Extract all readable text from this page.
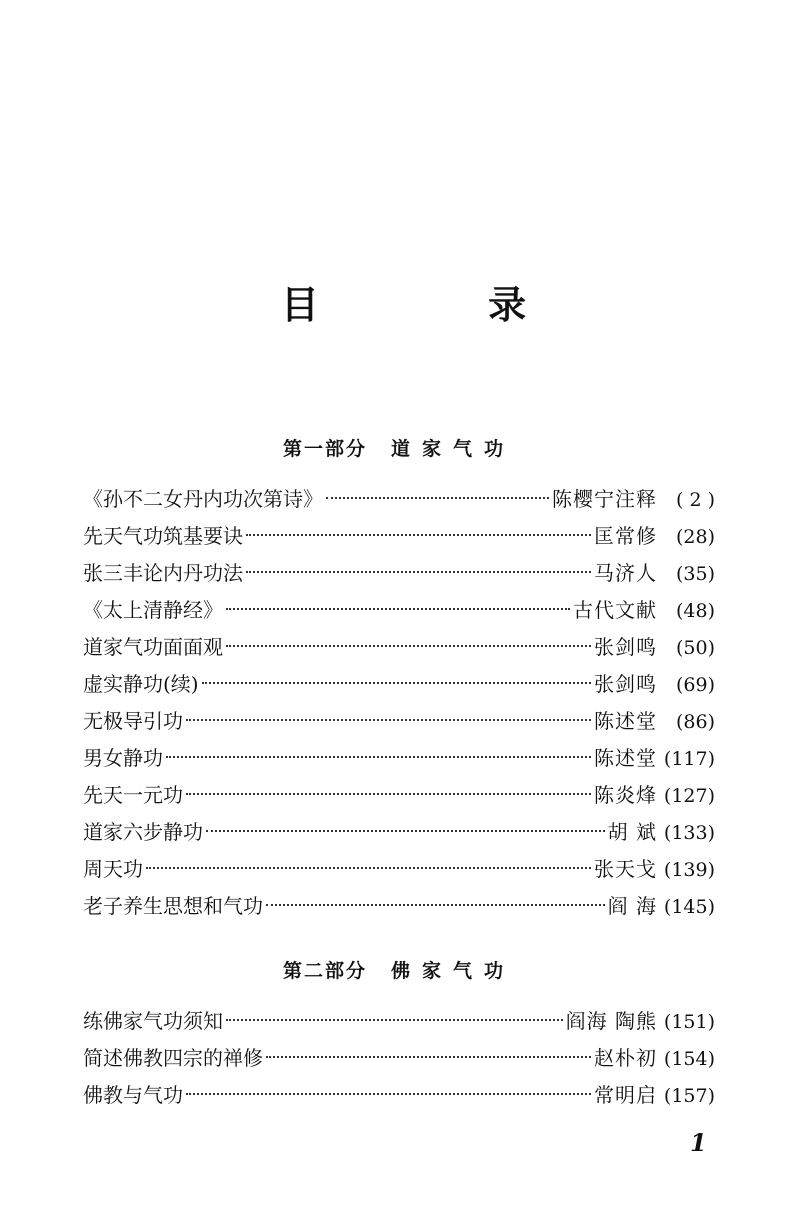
目 录
第一部分 道家气功
《孙不二女丹内功次第诗》	陈樱宁注释	( 2 )
先天气功筑基要诀	匡常修 (28)
张三丰论内丹功法	马济人 (35)
《太上清静经》	古代文献 (48)
道家气功面面观	张剑鸣 (50)
虚实静功(续)	张剑鸣 (69)
无极导引功	陈述堂 (86)
男女静功	陈述堂 (117)
先天一元功	陈炎烽 (127)
道家六步静功	胡 斌 (133)
周天功	张天戈 (139)
老子养生思想和气功	阎 海 (145)
第二部分 佛家气功
练佛家气功须知	阎海 陶熊 (151)
简述佛教四宗的禅修	赵朴初 (154)
佛教与气功	常明启 (157)
1
